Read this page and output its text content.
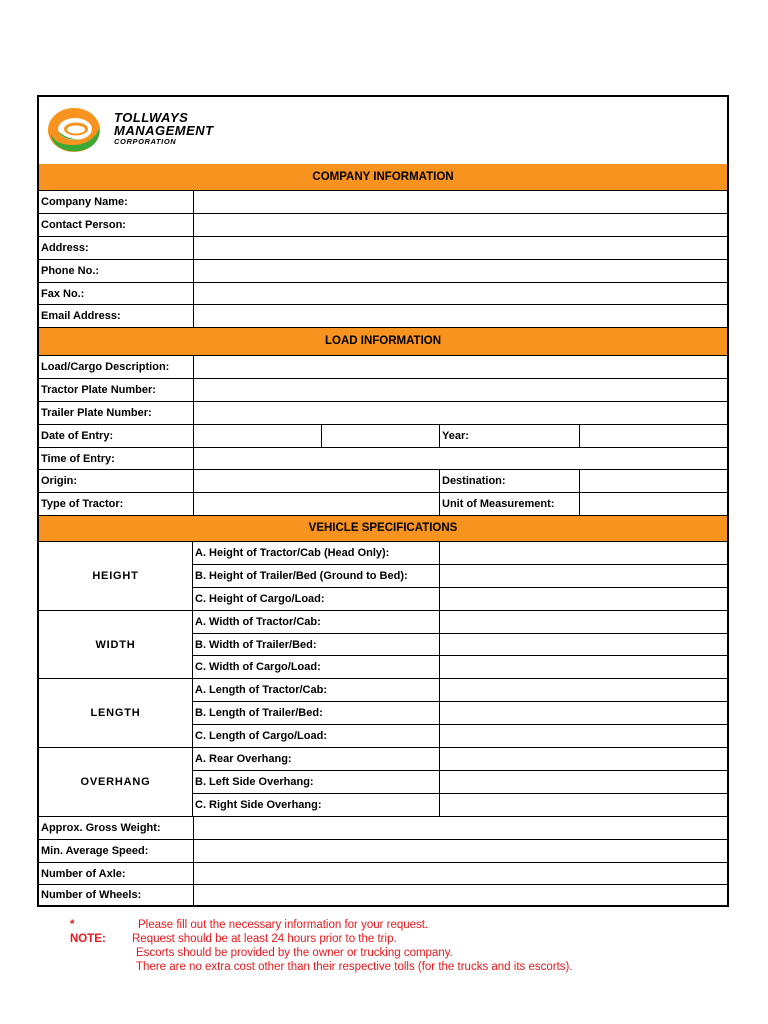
TOLLWAYS
MANAGEMENT
CORPORATION
COMPANY INFORMATION
Company Name:
Contact Person:
Address:
Phone No.:
Fax No.:
Email Address:
LOAD INFORMATION
Load/Cargo Description:
Tractor Plate Number:
Trailer Plate Number:
Date of Entry:	Year:
Time of Entry:
Origin:	Destination:
Type of Tractor:	Unit of Measurement:
VEHICLE SPECIFICATIONS
HEIGHT
A. Height of Tractor/Cab (Head Only):
B. Height of Trailer/Bed (Ground to Bed):
C. Height of Cargo/Load:
WIDTH
A. Width of Tractor/Cab:
B. Width of Trailer/Bed:
C. Width of Cargo/Load:
LENGTH
A. Length of Tractor/Cab:
B. Length of Trailer/Bed:
C. Length of Cargo/Load:
OVERHANG
A. Rear Overhang:
B. Left Side Overhang:
C. Right Side Overhang:
Approx. Gross Weight:
Min. Average Speed:
Number of Axle:
Number of Wheels:
* NOTE:
Please fill out the necessary information for your request.
Request should be at least 24 hours prior to the trip.
Escorts should be provided by the owner or trucking company.
There are no extra cost other than their respective tolls (for the trucks and its escorts).
